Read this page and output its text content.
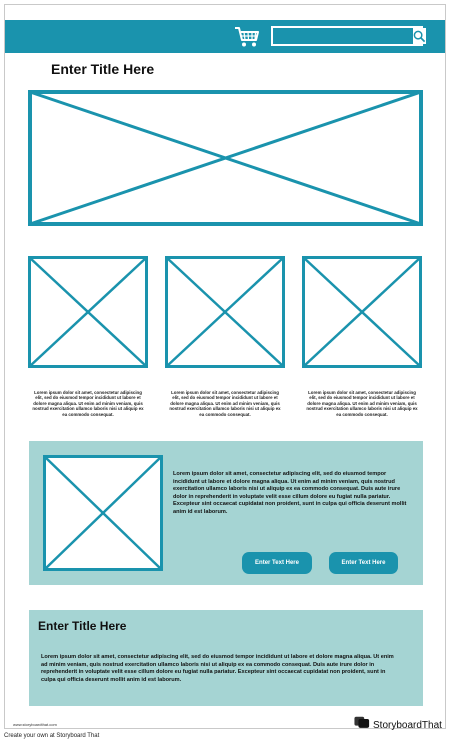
Enter Title Here
Lorem ipsum dolor sit amet, consectetur adipiscing elit, sed do eiusmod tempor incididunt ut labore et dolore magna aliqua. Ut enim ad minim veniam, quis nostrud exercitation ullamco laboris nisi ut aliquip ex ea commodo consequat.
Lorem ipsum dolor sit amet, consectetur adipiscing elit, sed do eiusmod tempor incididunt ut labore et dolore magna aliqua. Ut enim ad minim veniam, quis nostrud exercitation ullamco laboris nisi ut aliquip ex ea commodo consequat.
Lorem ipsum dolor sit amet, consectetur adipiscing elit, sed do eiusmod tempor incididunt ut labore et dolore magna aliqua. Ut enim ad minim veniam, quis nostrud exercitation ullamco laboris nisi ut aliquip ex ea commodo consequat.
Lorem ipsum dolor sit amet, consectetur adipiscing elit, sed do eiusmod tempor incididunt ut labore et dolore magna aliqua. Ut enim ad minim veniam, quis nostrud exercitation ullamco laboris nisi ut aliquip ex ea commodo consequat. Duis aute irure dolor in reprehenderit in voluptate velit esse cillum dolore eu fugiat nulla pariatur. Excepteur sint occaecat cupidatat non proident, sunt in culpa qui officia deserunt mollit anim id est laborum.
Enter Text Here	Enter Text Here
Enter Title Here
Lorem ipsum dolor sit amet, consectetur adipiscing elit, sed do eiusmod tempor incididunt ut labore et dolore magna aliqua. Ut enim ad minim veniam, quis nostrud exercitation ullamco laboris nisi ut aliquip ex ea commodo consequat. Duis aute irure dolor in reprehenderit in voluptate velit esse cillum dolore eu fugiat nulla pariatur. Excepteur sint occaecat cupidatat non proident, sunt in culpa qui officia deserunt mollit anim id est laborum.
www.storyboardthat.com	StoryboardThat
Create your own at Storyboard That
